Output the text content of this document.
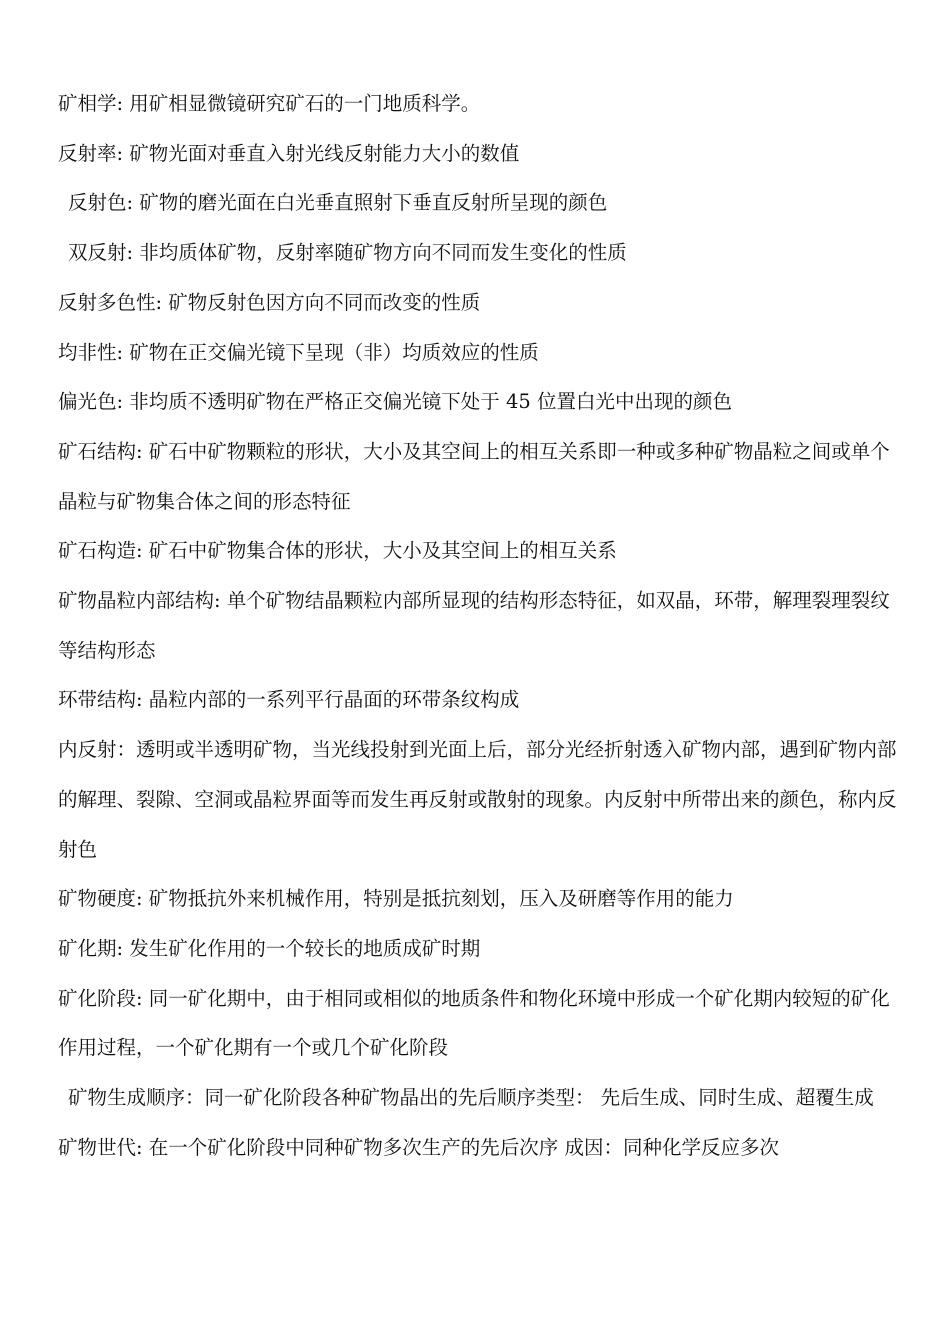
矿相学: 用矿相显微镜研究矿石的一门地质科学。

反射率: 矿物光面对垂直入射光线反射能力大小的数值

反射色: 矿物的磨光面在白光垂直照射下垂直反射所呈现的颜色

双反射: 非均质体矿物，反射率随矿物方向不同而发生变化的性质

反射多色性: 矿物反射色因方向不同而改变的性质

均非性: 矿物在正交偏光镜下呈现（非）均质效应的性质

偏光色: 非均质不透明矿物在严格正交偏光镜下处于 45 位置白光中出现的颜色

矿石结构: 矿石中矿物颗粒的形状，大小及其空间上的相互关系即一种或多种矿物晶粒之间或单个晶粒与矿物集合体之间的形态特征

矿石构造: 矿石中矿物集合体的形状，大小及其空间上的相互关系

矿物晶粒内部结构: 单个矿物结晶颗粒内部所显现的结构形态特征，如双晶，环带，解理裂理裂纹等结构形态

环带结构: 晶粒内部的一系列平行晶面的环带条纹构成

内反射：透明或半透明矿物，当光线投射到光面上后，部分光经折射透入矿物内部，遇到矿物内部的解理、裂隙、空洞或晶粒界面等而发生再反射或散射的现象。内反射中所带出来的颜色，称内反射色

矿物硬度: 矿物抵抗外来机械作用，特别是抵抗刻划，压入及研磨等作用的能力

矿化期: 发生矿化作用的一个较长的地质成矿时期

矿化阶段: 同一矿化期中，由于相同或相似的地质条件和物化环境中形成一个矿化期内较短的矿化作用过程，一个矿化期有一个或几个矿化阶段

矿物生成顺序：同一矿化阶段各种矿物晶出的先后顺序类型： 先后生成、同时生成、超覆生成

矿物世代: 在一个矿化阶段中同种矿物多次生产的先后次序 成因：同种化学反应多次
